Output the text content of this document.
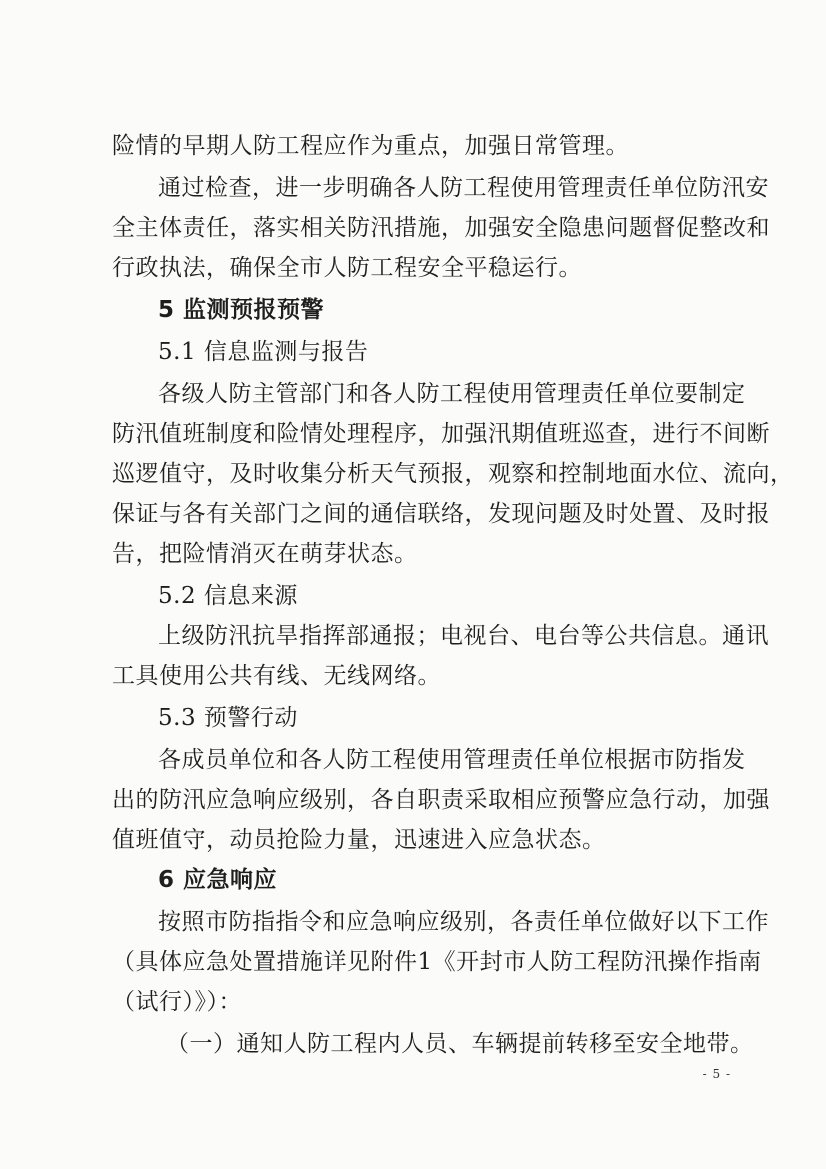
险情的早期人防工程应作为重点，加强日常管理。
通过检查，进一步明确各人防工程使用管理责任单位防汛安
全主体责任，落实相关防汛措施，加强安全隐患问题督促整改和
行政执法，确保全市人防工程安全平稳运行。
5 监测预报预警
5.1 信息监测与报告
各级人防主管部门和各人防工程使用管理责任单位要制定
防汛值班制度和险情处理程序，加强汛期值班巡查，进行不间断
巡逻值守，及时收集分析天气预报，观察和控制地面水位、流向，
保证与各有关部门之间的通信联络，发现问题及时处置、及时报
告，把险情消灭在萌芽状态。
5.2 信息来源
上级防汛抗旱指挥部通报；电视台、电台等公共信息。通讯
工具使用公共有线、无线网络。
5.3 预警行动
各成员单位和各人防工程使用管理责任单位根据市防指发
出的防汛应急响应级别，各自职责采取相应预警应急行动，加强
值班值守，动员抢险力量，迅速进入应急状态。
6 应急响应
按照市防指指令和应急响应级别，各责任单位做好以下工作
（具体应急处置措施详见附件1《开封市人防工程防汛操作指南
（试行）》）：
（一）通知人防工程内人员、车辆提前转移至安全地带。
- 5 -
